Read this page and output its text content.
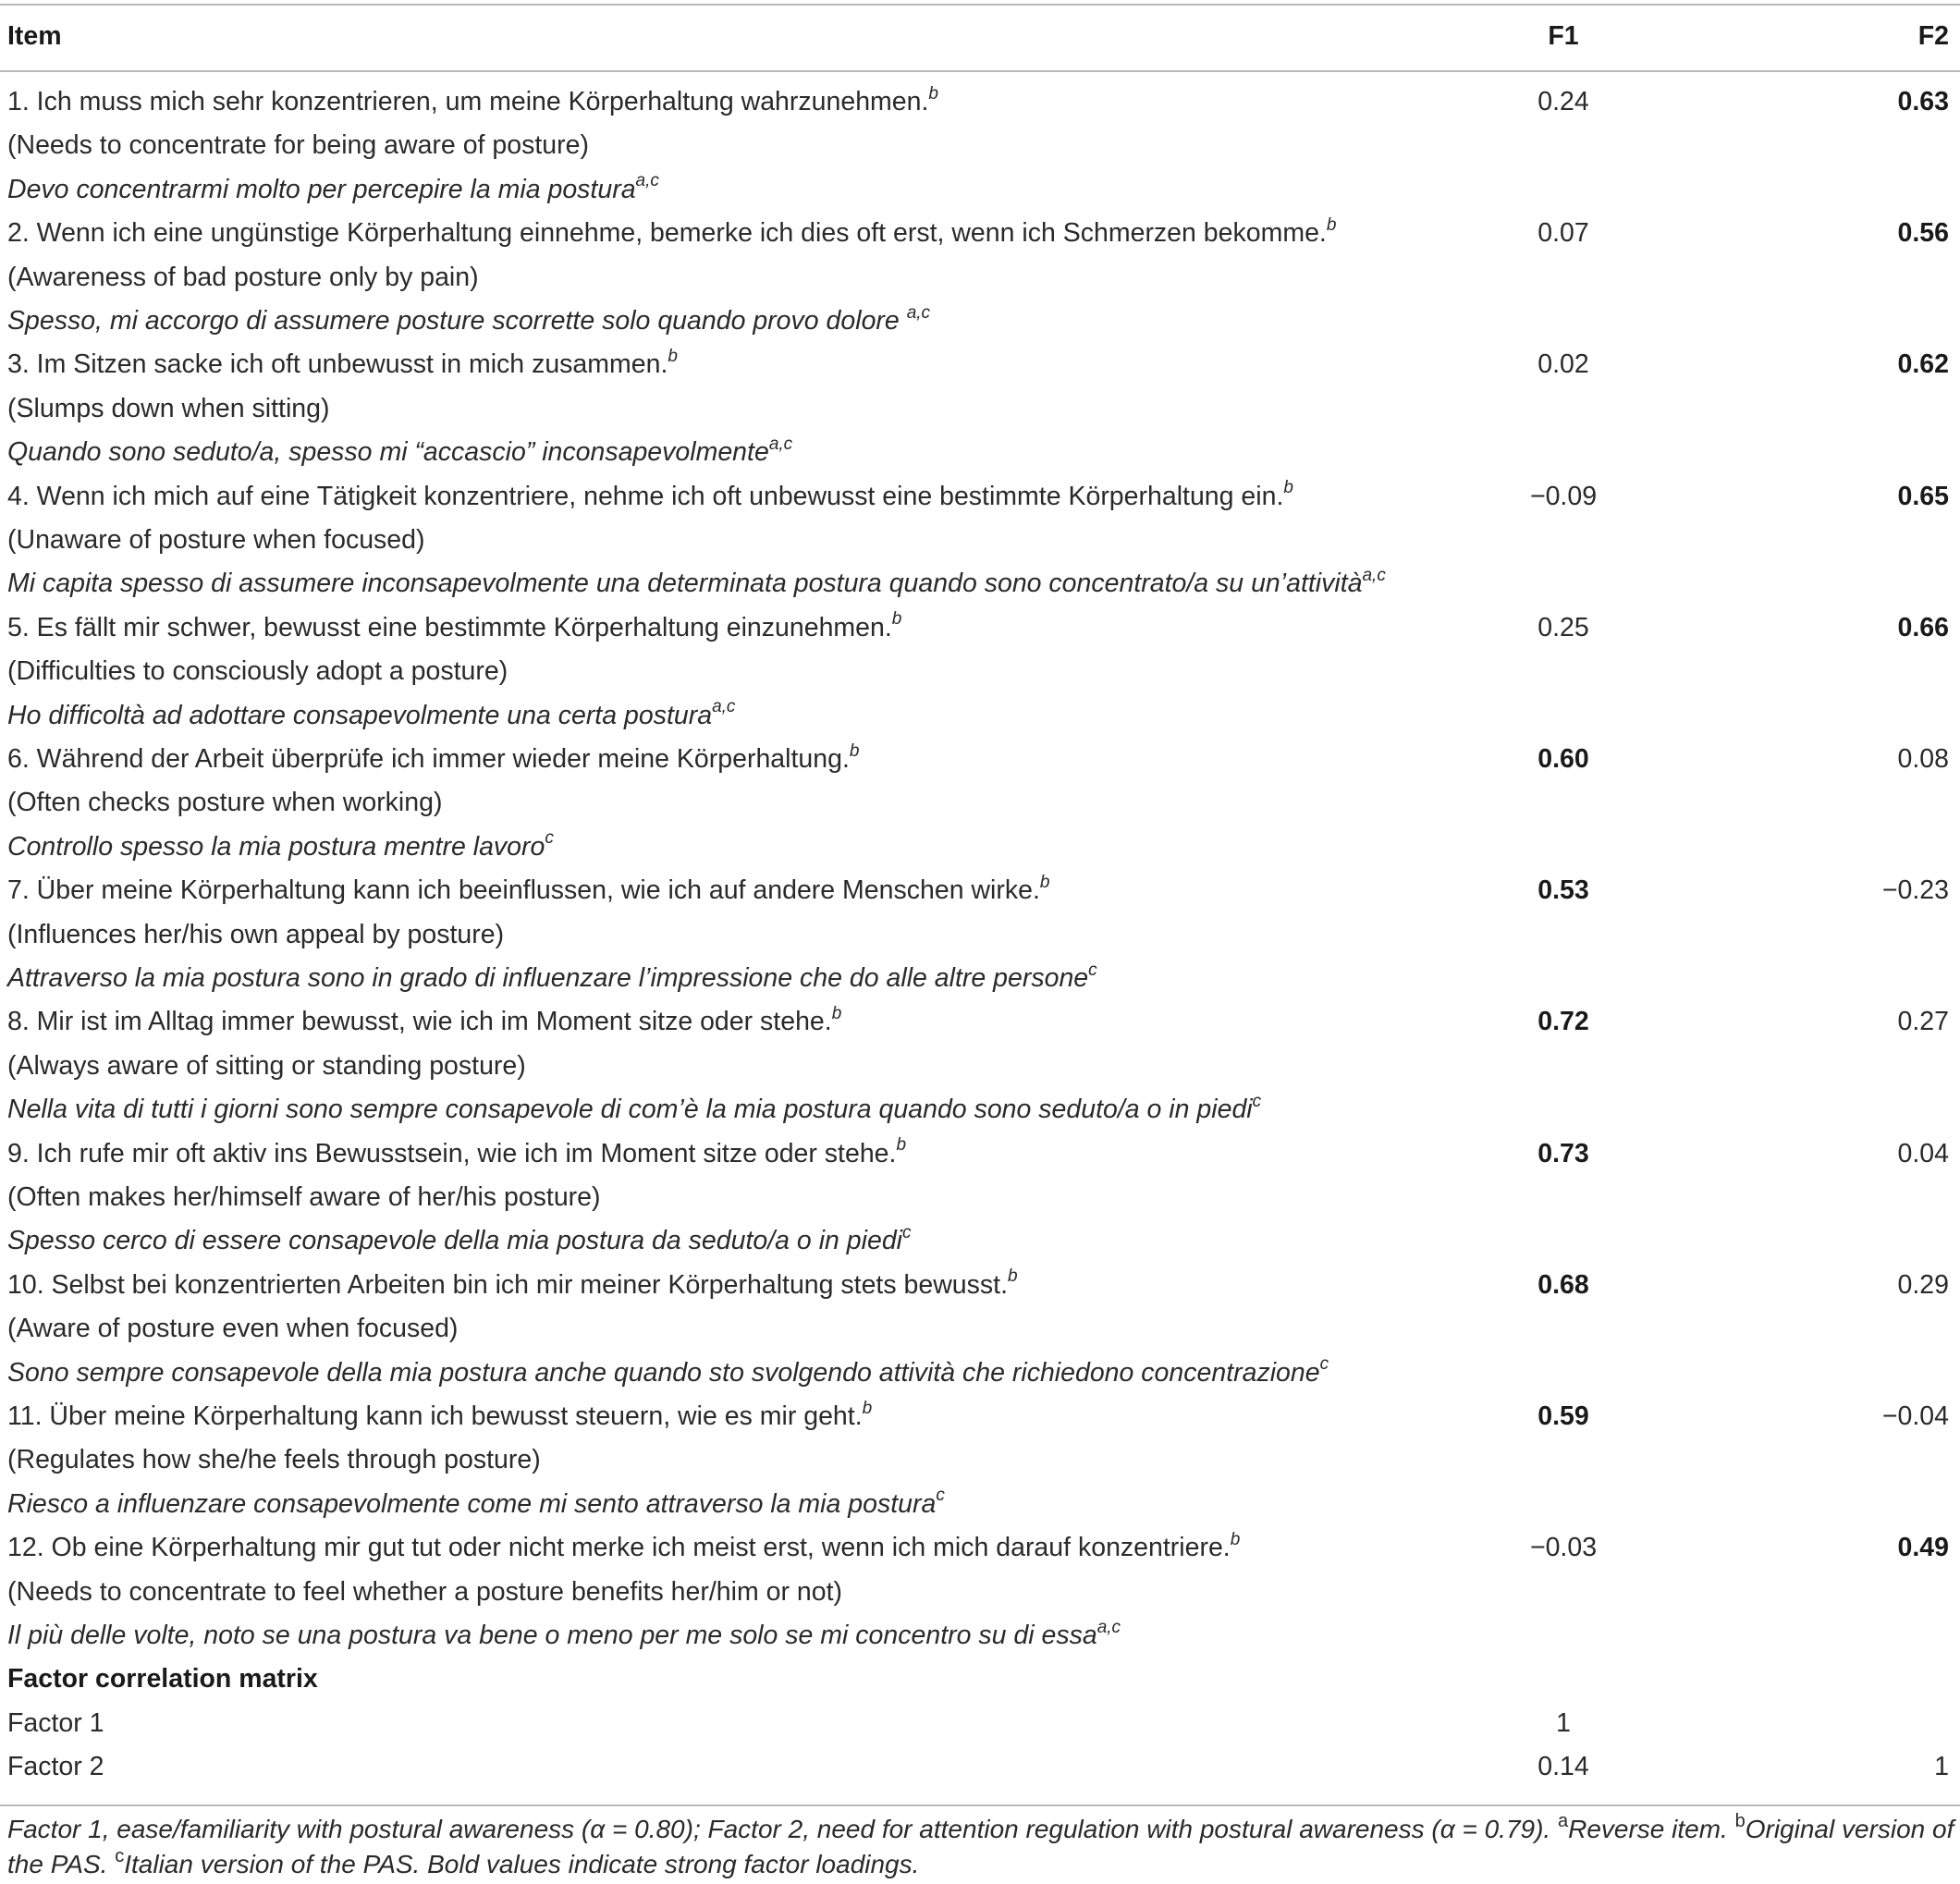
Item	F1	F2
1. Ich muss mich sehr konzentrieren, um meine Körperhaltung wahrzunehmen.$^b$	0.24	0.63
(Needs to concentrate for being aware of posture)
Devo concentrarmi molto per percepire la mia postura$^{a,c}$
2. Wenn ich eine ungünstige Körperhaltung einnehme, bemerke ich dies oft erst, wenn ich Schmerzen bekomme.$^b$	0.07	0.56
(Awareness of bad posture only by pain)
Spesso, mi accorgo di assumere posture scorrette solo quando provo dolore $^{a,c}$
3. Im Sitzen sacke ich oft unbewusst in mich zusammen.$^b$	0.02	0.62
(Slumps down when sitting)
Quando sono seduto/a, spesso mi “accascio” inconsapevolmente$^{a,c}$
4. Wenn ich mich auf eine Tätigkeit konzentriere, nehme ich oft unbewusst eine bestimmte Körperhaltung ein.$^b$	−0.09	0.65
(Unaware of posture when focused)
Mi capita spesso di assumere inconsapevolmente una determinata postura quando sono concentrato/a su un’attività$^{a,c}$
5. Es fällt mir schwer, bewusst eine bestimmte Körperhaltung einzunehmen.$^b$	0.25	0.66
(Difficulties to consciously adopt a posture)
Ho difficoltà ad adottare consapevolmente una certa postura$^{a,c}$
6. Während der Arbeit überprüfe ich immer wieder meine Körperhaltung.$^b$	0.60	0.08
(Often checks posture when working)
Controllo spesso la mia postura mentre lavoro$^c$
7. Über meine Körperhaltung kann ich beeinflussen, wie ich auf andere Menschen wirke.$^b$	0.53	−0.23
(Influences her/his own appeal by posture)
Attraverso la mia postura sono in grado di influenzare l’impressione che do alle altre persone$^c$
8. Mir ist im Alltag immer bewusst, wie ich im Moment sitze oder stehe.$^b$	0.72	0.27
(Always aware of sitting or standing posture)
Nella vita di tutti i giorni sono sempre consapevole di com’è la mia postura quando sono seduto/a o in piedi$^c$
9. Ich rufe mir oft aktiv ins Bewusstsein, wie ich im Moment sitze oder stehe.$^b$	0.73	0.04
(Often makes her/himself aware of her/his posture)
Spesso cerco di essere consapevole della mia postura da seduto/a o in piedi$^c$
10. Selbst bei konzentrierten Arbeiten bin ich mir meiner Körperhaltung stets bewusst.$^b$	0.68	0.29
(Aware of posture even when focused)
Sono sempre consapevole della mia postura anche quando sto svolgendo attività che richiedono concentrazione$^c$
11. Über meine Körperhaltung kann ich bewusst steuern, wie es mir geht.$^b$	0.59	−0.04
(Regulates how she/he feels through posture)
Riesco a influenzare consapevolmente come mi sento attraverso la mia postura$^c$
12. Ob eine Körperhaltung mir gut tut oder nicht merke ich meist erst, wenn ich mich darauf konzentriere.$^b$	−0.03	0.49
(Needs to concentrate to feel whether a posture benefits her/him or not)
Il più delle volte, noto se una postura va bene o meno per me solo se mi concentro su di essa$^{a,c}$
Factor correlation matrix
Factor 1	1
Factor 2	0.14	1
Factor 1, ease/familiarity with postural awareness (α = 0.80); Factor 2, need for attention regulation with postural awareness (α = 0.79). $^a$Reverse item. $^b$Original version of the PAS. $^c$Italian version of the PAS. Bold values indicate strong factor loadings.
